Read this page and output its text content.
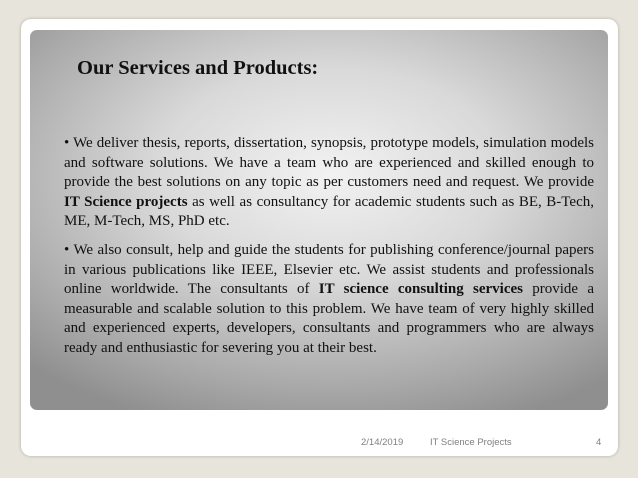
Our Services and Products:
• We deliver thesis, reports, dissertation, synopsis, prototype models, simulation models and software solutions. We have a team who are experienced and skilled enough to provide the best solutions on any topic as per customers need and request. We provide IT Science projects as well as consultancy for academic students such as BE, B-Tech, ME, M-Tech, MS, PhD etc.
• We also consult, help and guide the students for publishing conference/journal papers in various publications like IEEE, Elsevier etc. We assist students and professionals online worldwide. The consultants of IT science consulting services provide a measurable and scalable solution to this problem. We have team of very highly skilled and experienced experts, developers, consultants and programmers who are always ready and enthusiastic for severing you at their best.
2/14/2019	IT Science Projects	4
